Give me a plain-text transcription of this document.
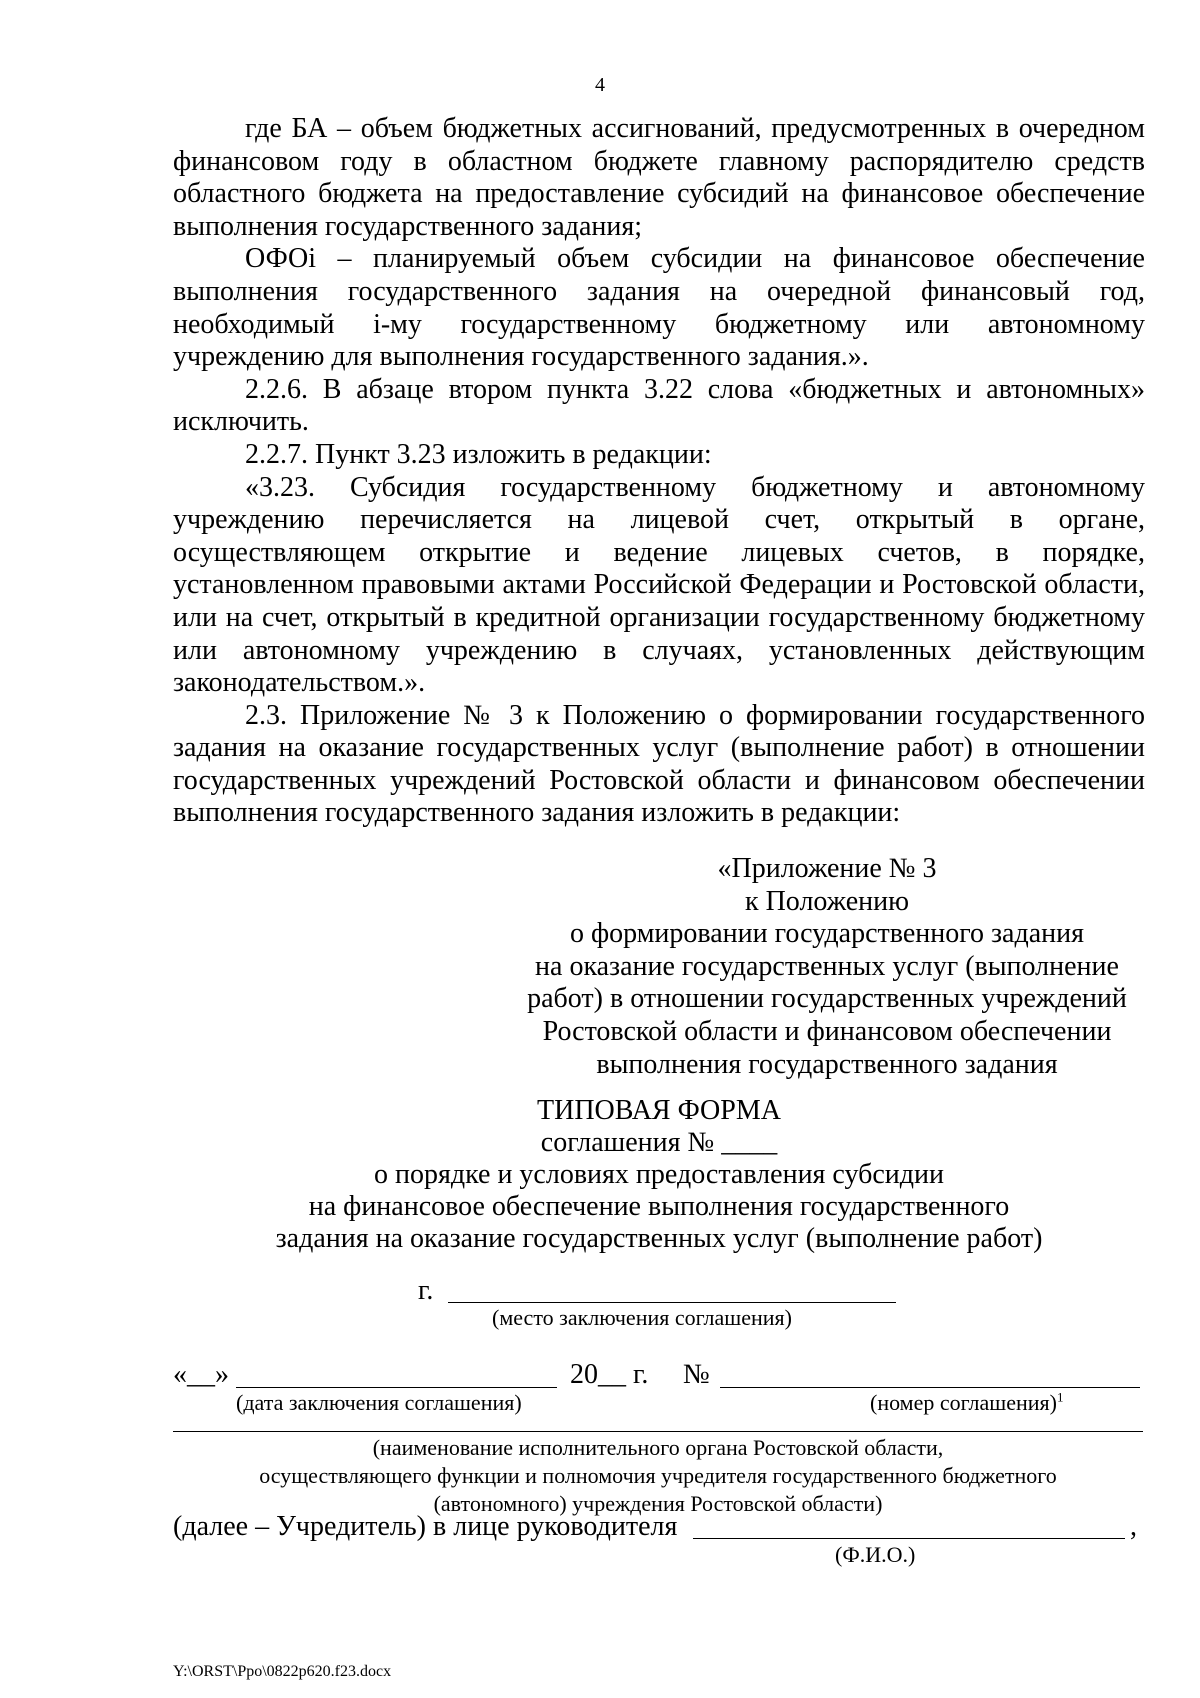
4

где БА – объем бюджетных ассигнований, предусмотренных в очередном финансовом году в областном бюджете главному распорядителю средств областного бюджета на предоставление субсидий на финансовое обеспечение выполнения государственного задания;

ОФОi – планируемый объем субсидии на финансовое обеспечение выполнения государственного задания на очередной финансовый год, необходимый i-му государственному бюджетному или автономному учреждению для выполнения государственного задания.».

2.2.6. В абзаце втором пункта 3.22 слова «бюджетных и автономных» исключить.

2.2.7. Пункт 3.23 изложить в редакции:

«3.23. Субсидия государственному бюджетному и автономному учреждению перечисляется на лицевой счет, открытый в органе, осуществляющем открытие и ведение лицевых счетов, в порядке, установленном правовыми актами Российской Федерации и Ростовской области, или на счет, открытый в кредитной организации государственному бюджетному или автономному учреждению в случаях, установленных действующим законодательством.».

2.3. Приложение № 3 к Положению о формировании государственного задания на оказание государственных услуг (выполнение работ) в отношении государственных учреждений Ростовской области и финансовом обеспечении выполнения государственного задания изложить в редакции:

«Приложение № 3
к Положению
о формировании государственного задания
на оказание государственных услуг (выполнение
работ) в отношении государственных учреждений
Ростовской области и финансовом обеспечении
выполнения государственного задания
ТИПОВАЯ ФОРМА
соглашения № ____
о порядке и условиях предоставления субсидии
на финансовое обеспечение выполнения государственного
задания на оказание государственных услуг (выполнение работ)
г.
(место заключения соглашения)
«__»	20__ г. №
(дата заключения соглашения)	(номер соглашения)$^1$
(наименование исполнительного органа Ростовской области,
осуществляющего функции и полномочия учредителя государственного бюджетного
(автономного) учреждения Ростовской области)
(далее – Учредитель) в лице руководителя	,
(Ф.И.О.)
Y:\ORST\Ppo\0822p620.f23.docx
